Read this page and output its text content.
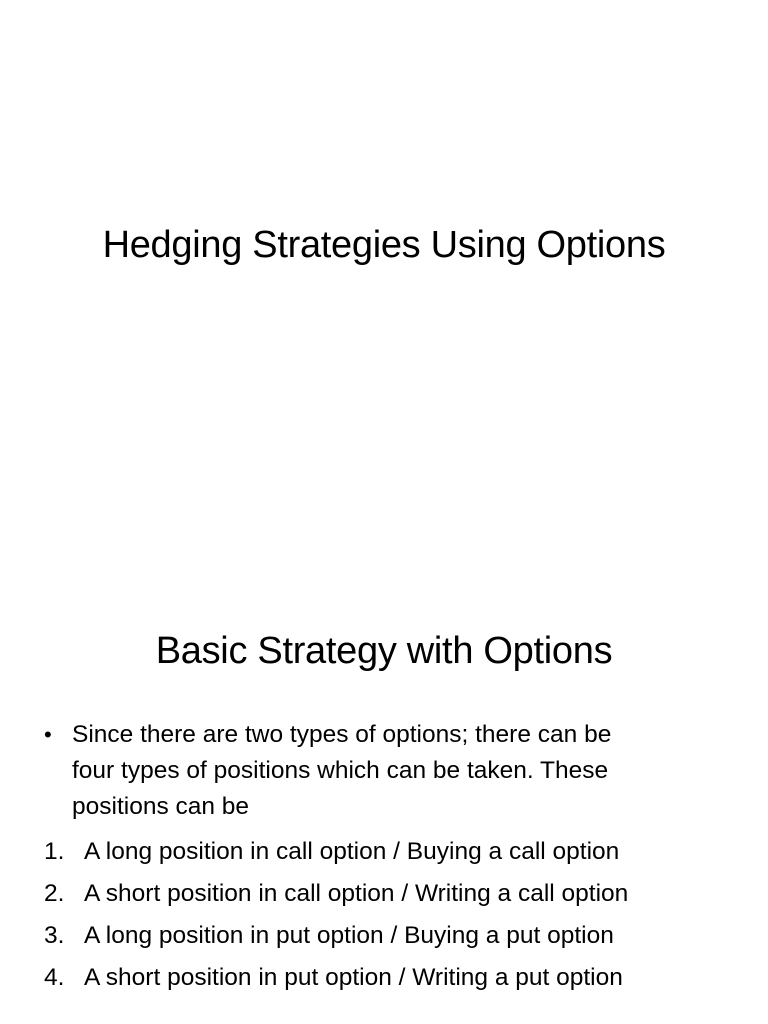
Hedging Strategies Using Options
Basic Strategy with Options
• Since there are two types of options; there can be
four types of positions which can be taken. These
positions can be
1. A long position in call option / Buying a call option
2. A short position in call option / Writing a call option
3. A long position in put option / Buying a put option
4. A short position in put option / Writing a put option
